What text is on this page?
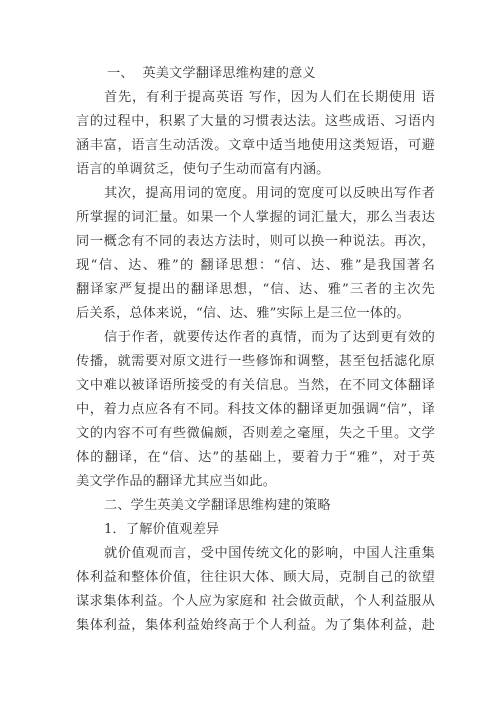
一、  英美文学翻译思维构建的意义
首先，有利于提高英语 写作，因为人们在长期使用 语
言的过程中，积累了大量的习惯表达法。这些成语、习语内
涵丰富，语言生动活泼。文章中适当地使用这类短语，可避
语言的单调贫乏，使句子生动而富有内涵。
其次，提高用词的宽度。用词的宽度可以反映出写作者
所掌握的词汇量。如果一个人掌握的词汇量大，那么当表达
同一概念有不同的表达方法时，则可以换一种说法。再次，
现“信、达、雅”的 翻译思想：“信、达、雅”是我国著名
翻译家严复提出的翻译思想，“信、达、雅”三者的主次先
后关系，总体来说，“信、达、雅”实际上是三位一体的。
信于作者，就要传达作者的真情，而为了达到更有效的
传播，就需要对原文进行一些修饰和调整，甚至包括滤化原
文中难以被译语所接受的有关信息。当然，在不同文体翻译
中，着力点应各有不同。科技文体的翻译更加强调“信”，译
文的内容不可有些微偏颇，否则差之毫厘，失之千里。文学
体的翻译，在“信、达”的基础上，要着力于“雅”，对于英
美文学作品的翻译尤其应当如此。
二、学生英美文学翻译思维构建的策略
1．了解价值观差异
就价值观而言，受中国传统文化的影响，中国人注重集
体利益和整体价值，往往识大体、顾大局，克制自己的欲望
谋求集体利益。个人应为家庭和 社会做贡献，个人利益服从
集体利益，集体利益始终高于个人利益。为了集体利益，赴
